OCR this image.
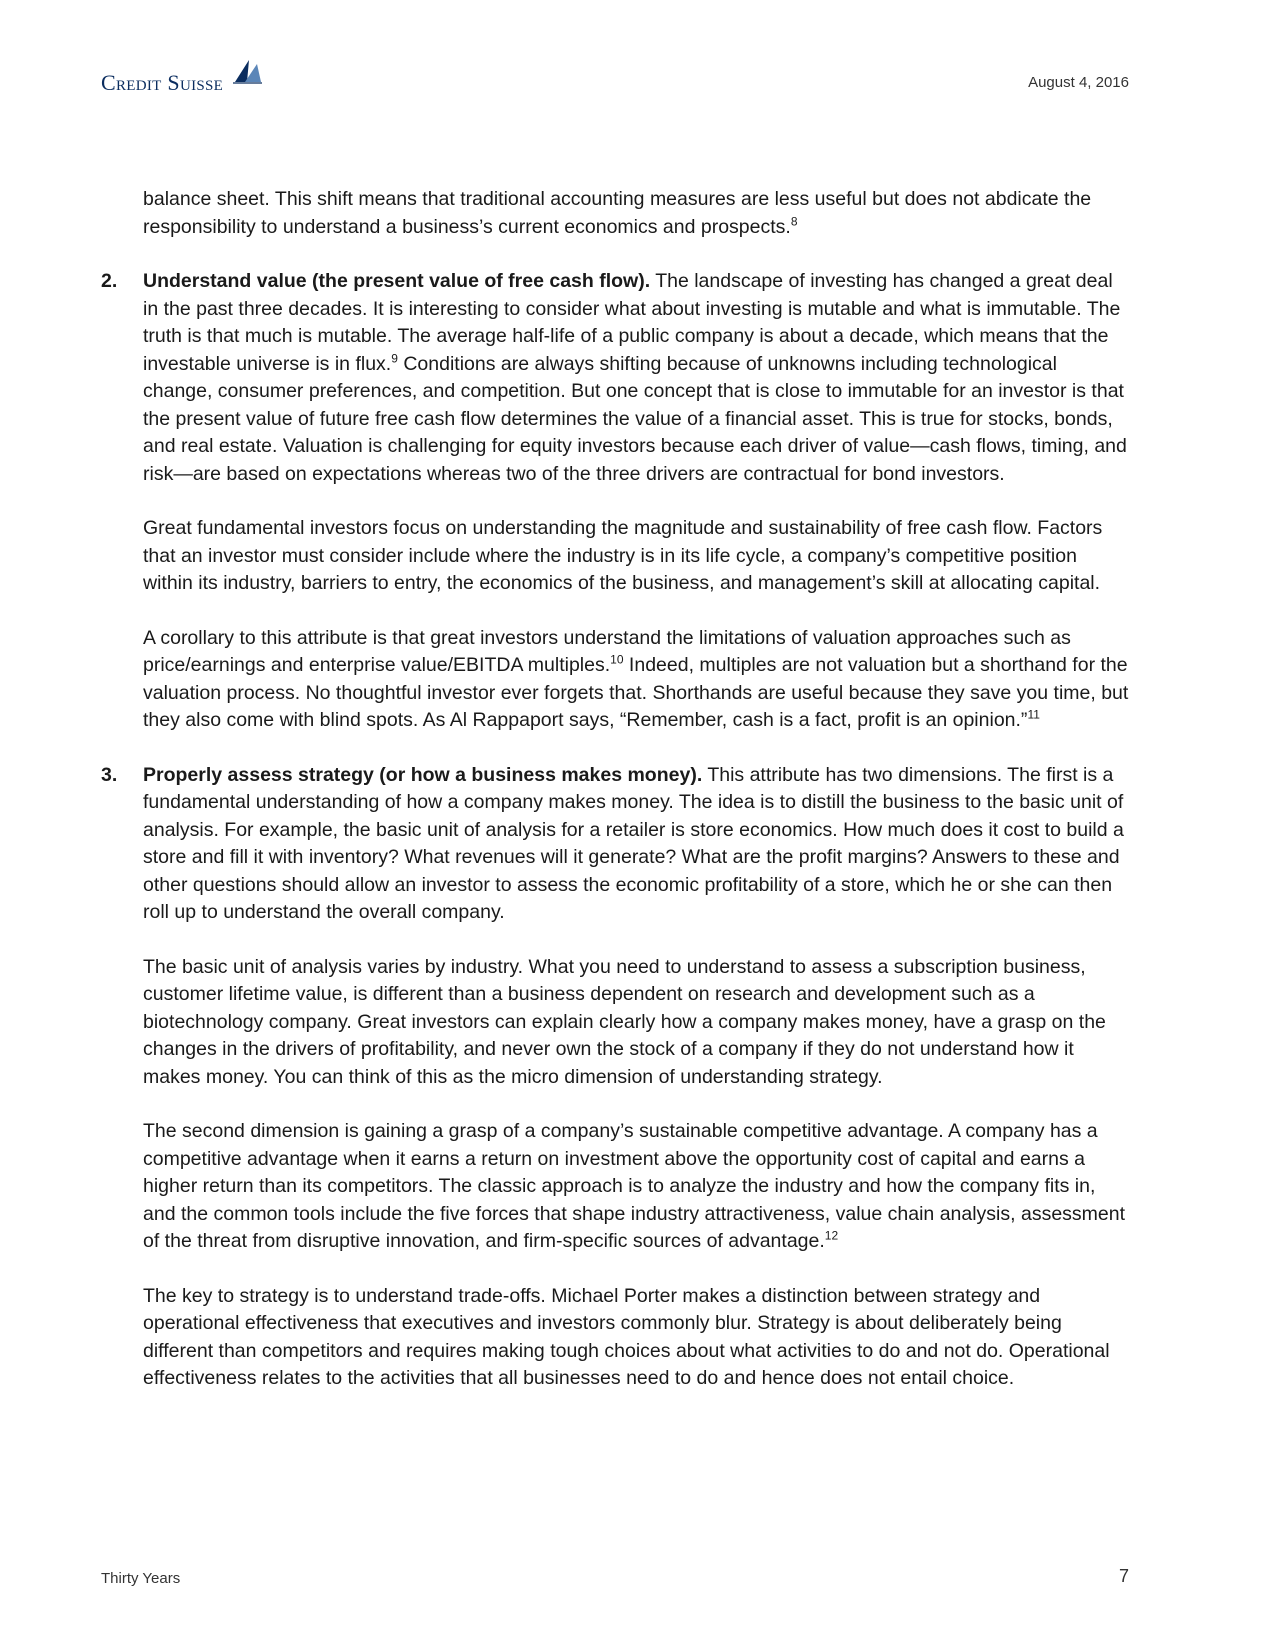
Credit Suisse	August 4, 2016

balance sheet. This shift means that traditional accounting measures are less useful but does not abdicate the responsibility to understand a business’s current economics and prospects.$^8$

2. Understand value (the present value of free cash flow). The landscape of investing has changed a great deal in the past three decades. It is interesting to consider what about investing is mutable and what is immutable. The truth is that much is mutable. The average half-life of a public company is about a decade, which means that the investable universe is in flux.$^9$ Conditions are always shifting because of unknowns including technological change, consumer preferences, and competition. But one concept that is close to immutable for an investor is that the present value of future free cash flow determines the value of a financial asset. This is true for stocks, bonds, and real estate. Valuation is challenging for equity investors because each driver of value—cash flows, timing, and risk—are based on expectations whereas two of the three drivers are contractual for bond investors.

Great fundamental investors focus on understanding the magnitude and sustainability of free cash flow. Factors that an investor must consider include where the industry is in its life cycle, a company’s competitive position within its industry, barriers to entry, the economics of the business, and management’s skill at allocating capital.

A corollary to this attribute is that great investors understand the limitations of valuation approaches such as price/earnings and enterprise value/EBITDA multiples.$^{10}$ Indeed, multiples are not valuation but a shorthand for the valuation process. No thoughtful investor ever forgets that. Shorthands are useful because they save you time, but they also come with blind spots. As Al Rappaport says, “Remember, cash is a fact, profit is an opinion.”$^{11}$

3. Properly assess strategy (or how a business makes money). This attribute has two dimensions. The first is a fundamental understanding of how a company makes money. The idea is to distill the business to the basic unit of analysis. For example, the basic unit of analysis for a retailer is store economics. How much does it cost to build a store and fill it with inventory? What revenues will it generate? What are the profit margins? Answers to these and other questions should allow an investor to assess the economic profitability of a store, which he or she can then roll up to understand the overall company.

The basic unit of analysis varies by industry. What you need to understand to assess a subscription business, customer lifetime value, is different than a business dependent on research and development such as a biotechnology company. Great investors can explain clearly how a company makes money, have a grasp on the changes in the drivers of profitability, and never own the stock of a company if they do not understand how it makes money. You can think of this as the micro dimension of understanding strategy.

The second dimension is gaining a grasp of a company’s sustainable competitive advantage. A company has a competitive advantage when it earns a return on investment above the opportunity cost of capital and earns a higher return than its competitors. The classic approach is to analyze the industry and how the company fits in, and the common tools include the five forces that shape industry attractiveness, value chain analysis, assessment of the threat from disruptive innovation, and firm-specific sources of advantage.$^{12}$

The key to strategy is to understand trade-offs. Michael Porter makes a distinction between strategy and operational effectiveness that executives and investors commonly blur. Strategy is about deliberately being different than competitors and requires making tough choices about what activities to do and not do. Operational effectiveness relates to the activities that all businesses need to do and hence does not entail choice.

Thirty Years	7
